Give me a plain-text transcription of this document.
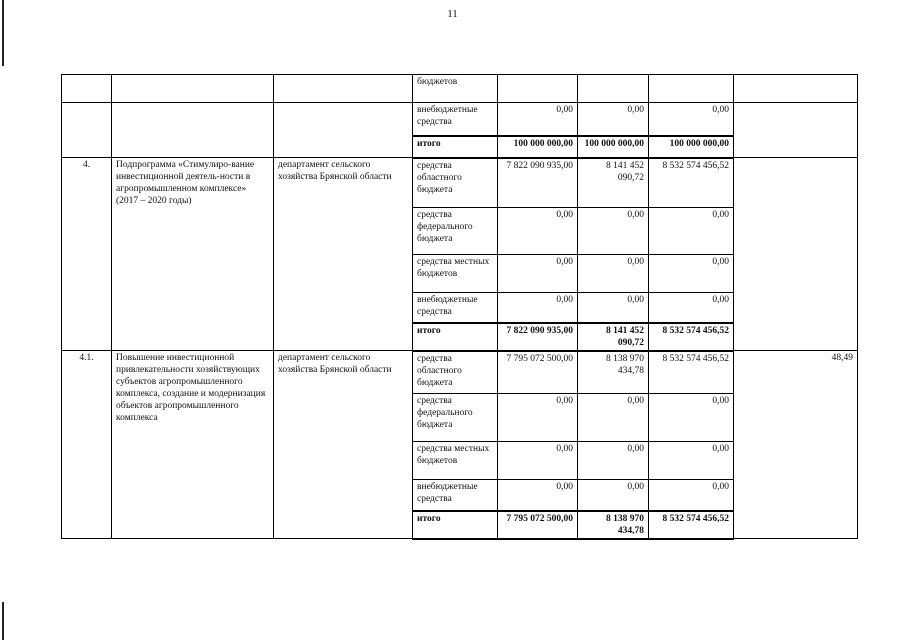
11
			бюджетов				
			внебюджетные средства	0,00	0,00	0,00	
			итого	100 000 000,00	100 000 000,00	100 000 000,00	
4.	Подпрограмма «Стимулиро-вание инвестиционной деятель-ности в агропромышленном комплексе» (2017 – 2020 годы)	департамент сельского хозяйства Брянской области	средства областного бюджета	7 822 090 935,00	8 141 452 090,72	8 532 574 456,52	
			средства федерального бюджета	0,00	0,00	0,00	
			средства местных бюджетов	0,00	0,00	0,00	
			внебюджетные средства	0,00	0,00	0,00	
			итого	7 822 090 935,00	8 141 452 090,72	8 532 574 456,52	
4.1.	Повышение инвестиционной привлекательности хозяйствующих субъектов агропромышленного комплекса, создание и модернизация объектов агропромышленного комплекса	департамент сельского хозяйства Брянской области	средства областного бюджета	7 795 072 500,00	8 138 970 434,78	8 532 574 456,52	48,49
			средства федерального бюджета	0,00	0,00	0,00	
			средства местных бюджетов	0,00	0,00	0,00	
			внебюджетные средства	0,00	0,00	0,00	
			итого	7 795 072 500,00	8 138 970 434,78	8 532 574 456,52	
